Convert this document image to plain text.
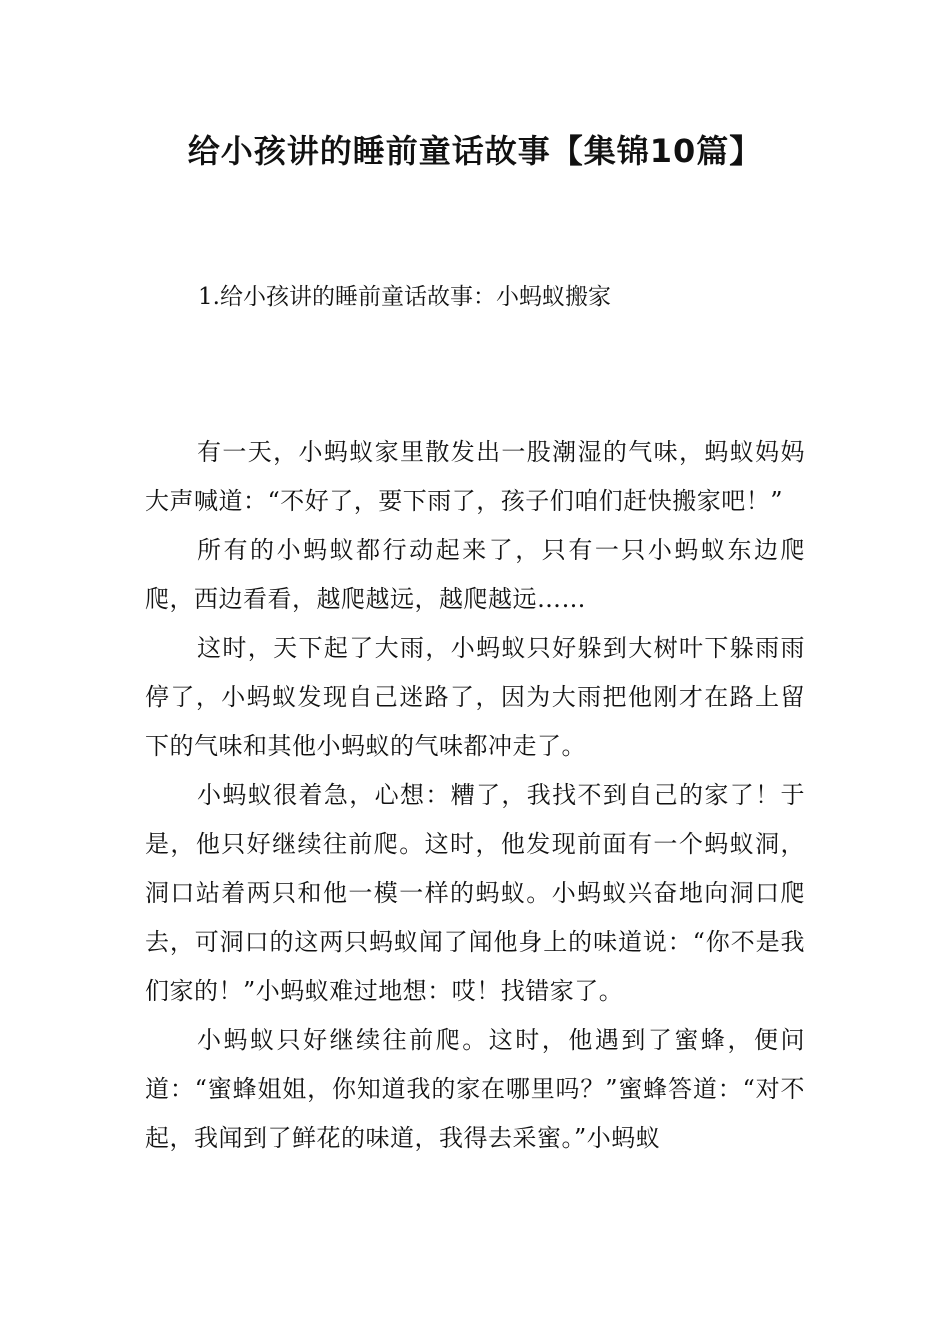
给小孩讲的睡前童话故事【集锦10篇】
1.给小孩讲的睡前童话故事：小蚂蚁搬家

有一天，小蚂蚁家里散发出一股潮湿的气味，蚂蚁妈妈大声喊道：“不好了，要下雨了，孩子们咱们赶快搬家吧！”

所有的小蚂蚁都行动起来了，只有一只小蚂蚁东边爬爬，西边看看，越爬越远，越爬越远……

这时，天下起了大雨，小蚂蚁只好躲到大树叶下躲雨雨停了，小蚂蚁发现自己迷路了，因为大雨把他刚才在路上留下的气味和其他小蚂蚁的气味都冲走了。

小蚂蚁很着急，心想：糟了，我找不到自己的家了！于是，他只好继续往前爬。这时，他发现前面有一个蚂蚁洞，洞口站着两只和他一模一样的蚂蚁。小蚂蚁兴奋地向洞口爬去，可洞口的这两只蚂蚁闻了闻他身上的味道说：“你不是我们家的！”小蚂蚁难过地想：哎！找错家了。

小蚂蚁只好继续往前爬。这时，他遇到了蜜蜂，便问道：“蜜蜂姐姐，你知道我的家在哪里吗？”蜜蜂答道：“对不起，我闻到了鲜花的味道，我得去采蜜。”小蚂蚁
